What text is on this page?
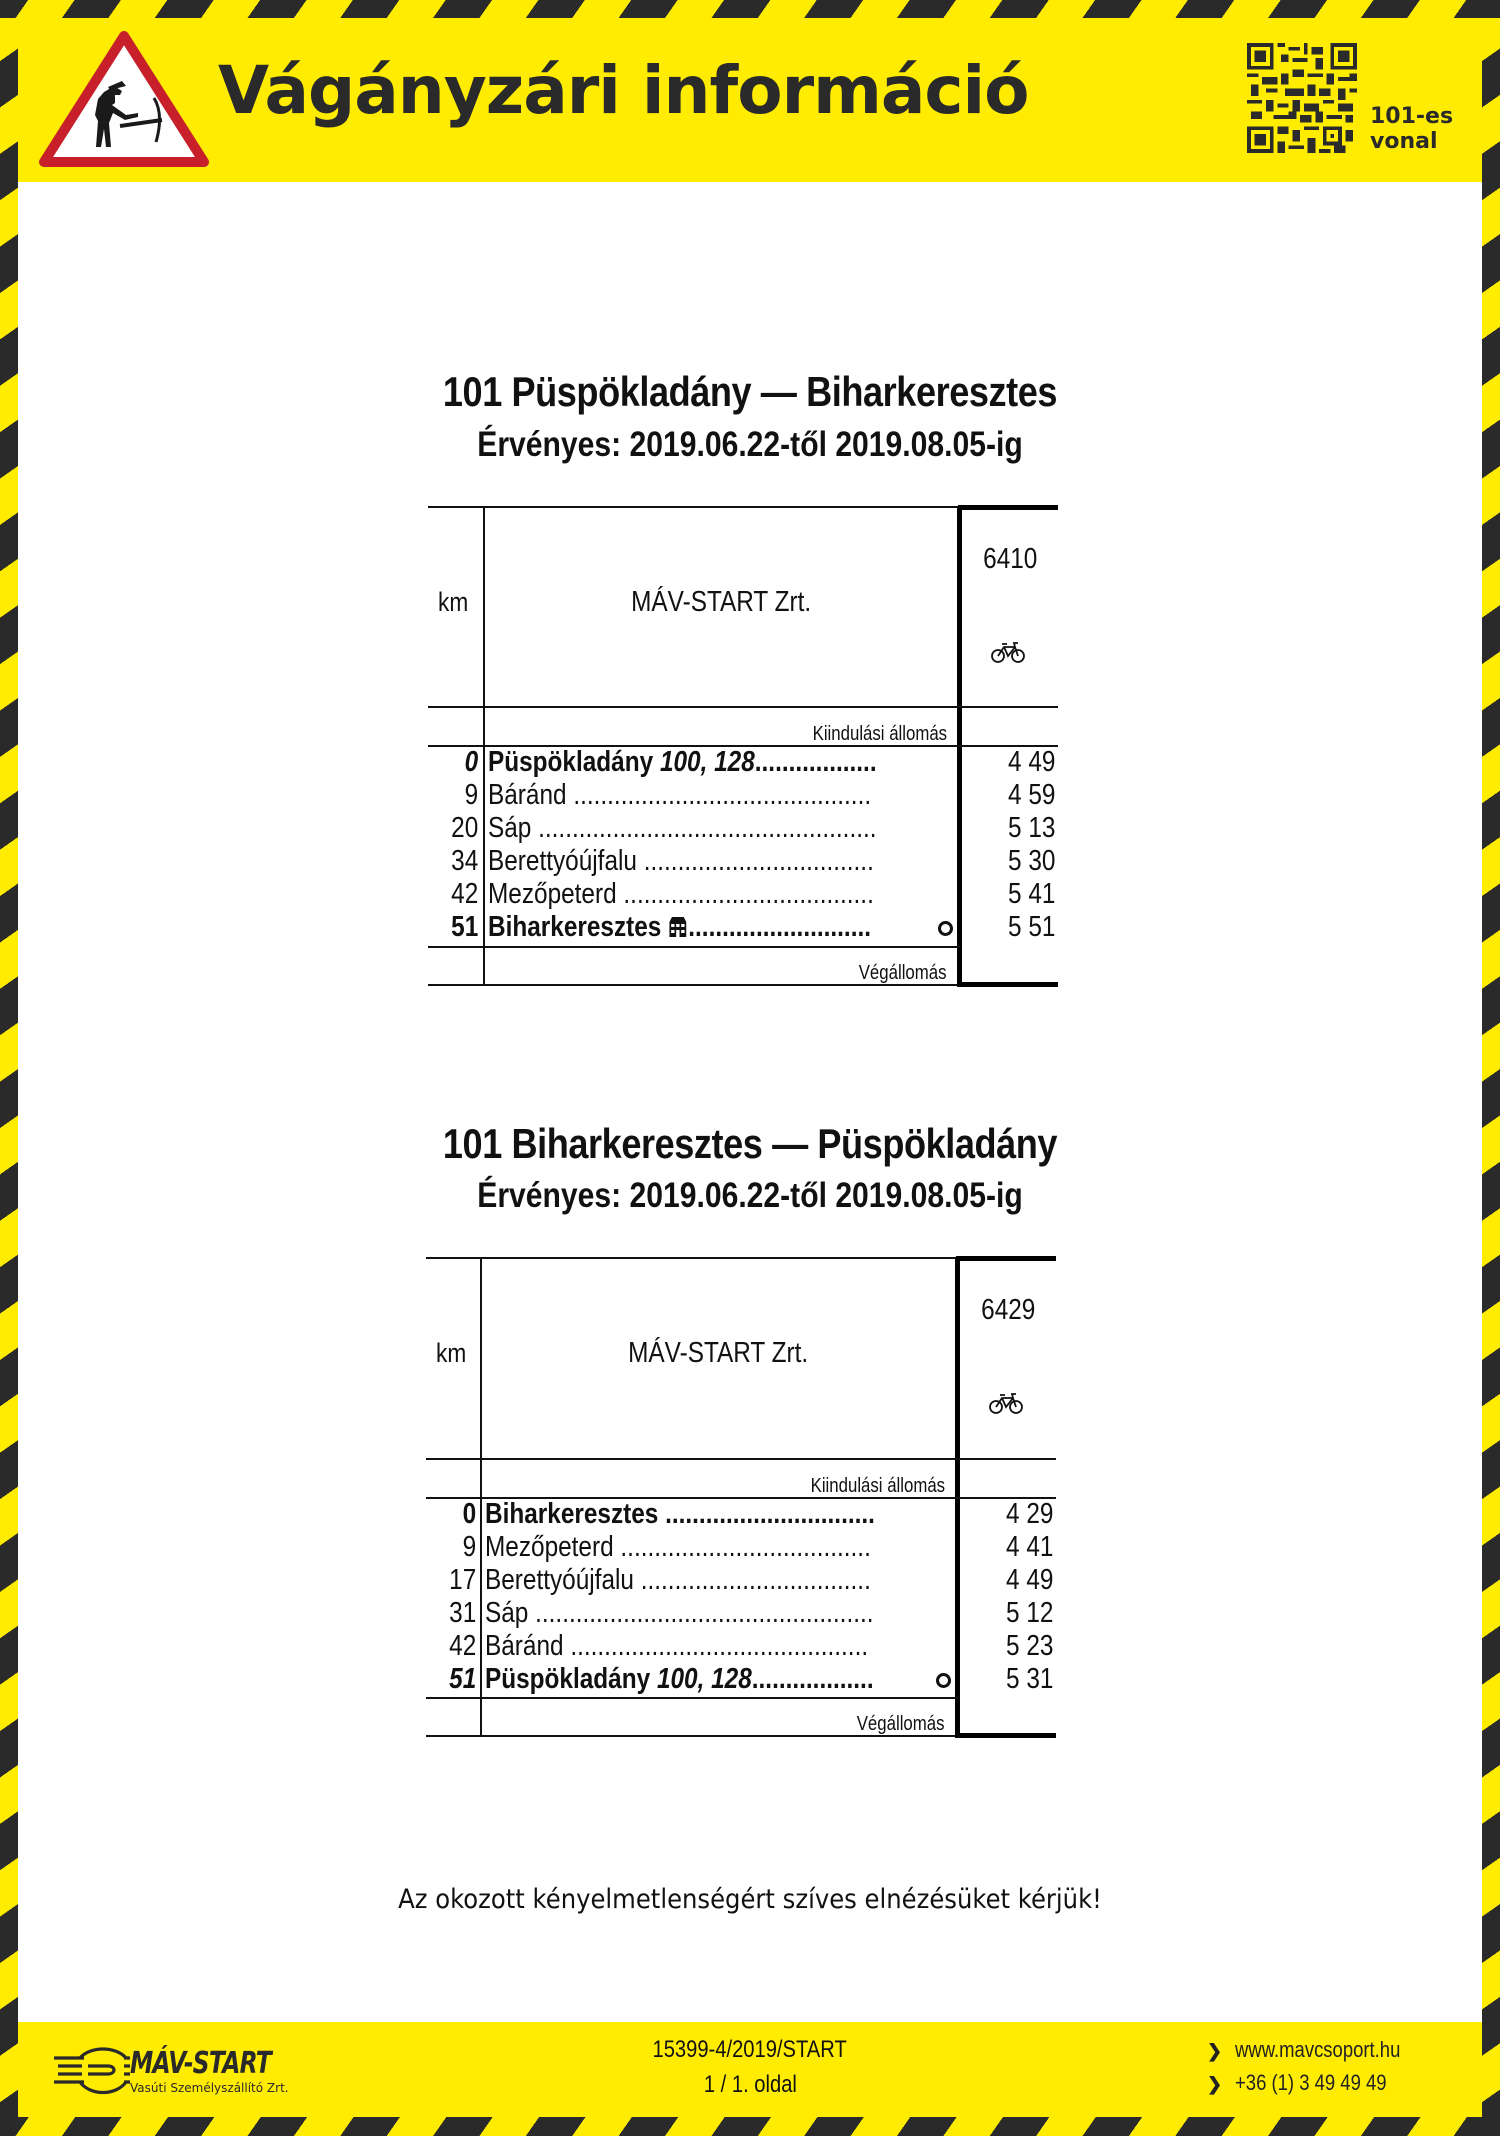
Vágányzári információ	101-es
vonal
101 Püspökladány — Biharkeresztes
Érvényes: 2019.06.22-től 2019.08.05-ig
km	MÁV-START Zrt.
6410
Kiindulási állomás
0 Püspökladány 100, 128..................	4 49
9 Báránd ............................................	4 59
20 Sáp ..................................................	5 13
34 Berettyóújfalu ..................................	5 30
42 Mezőpeterd .....................................	5 41
51 Biharkeresztes ...........................	5 51
Végállomás
101 Biharkeresztes — Püspökladány
Érvényes: 2019.06.22-től 2019.08.05-ig
km	MÁV-START Zrt.
6429
Kiindulási állomás
0 Biharkeresztes ...............................	4 29
9 Mezőpeterd .....................................	4 41
17 Berettyóújfalu ..................................	4 49
31 Sáp ..................................................	5 12
42 Báránd ............................................	5 23
51 Püspökladány 100, 128..................	5 31
Végállomás
Az okozott kényelmetlenségért szíves elnézésüket kérjük!
MÁV-START
Vasúti Személyszállító Zrt.
15399-4/2019/START
1 / 1. oldal
❯ www.mavcsoport.hu
❯ +36 (1) 3 49 49 49
